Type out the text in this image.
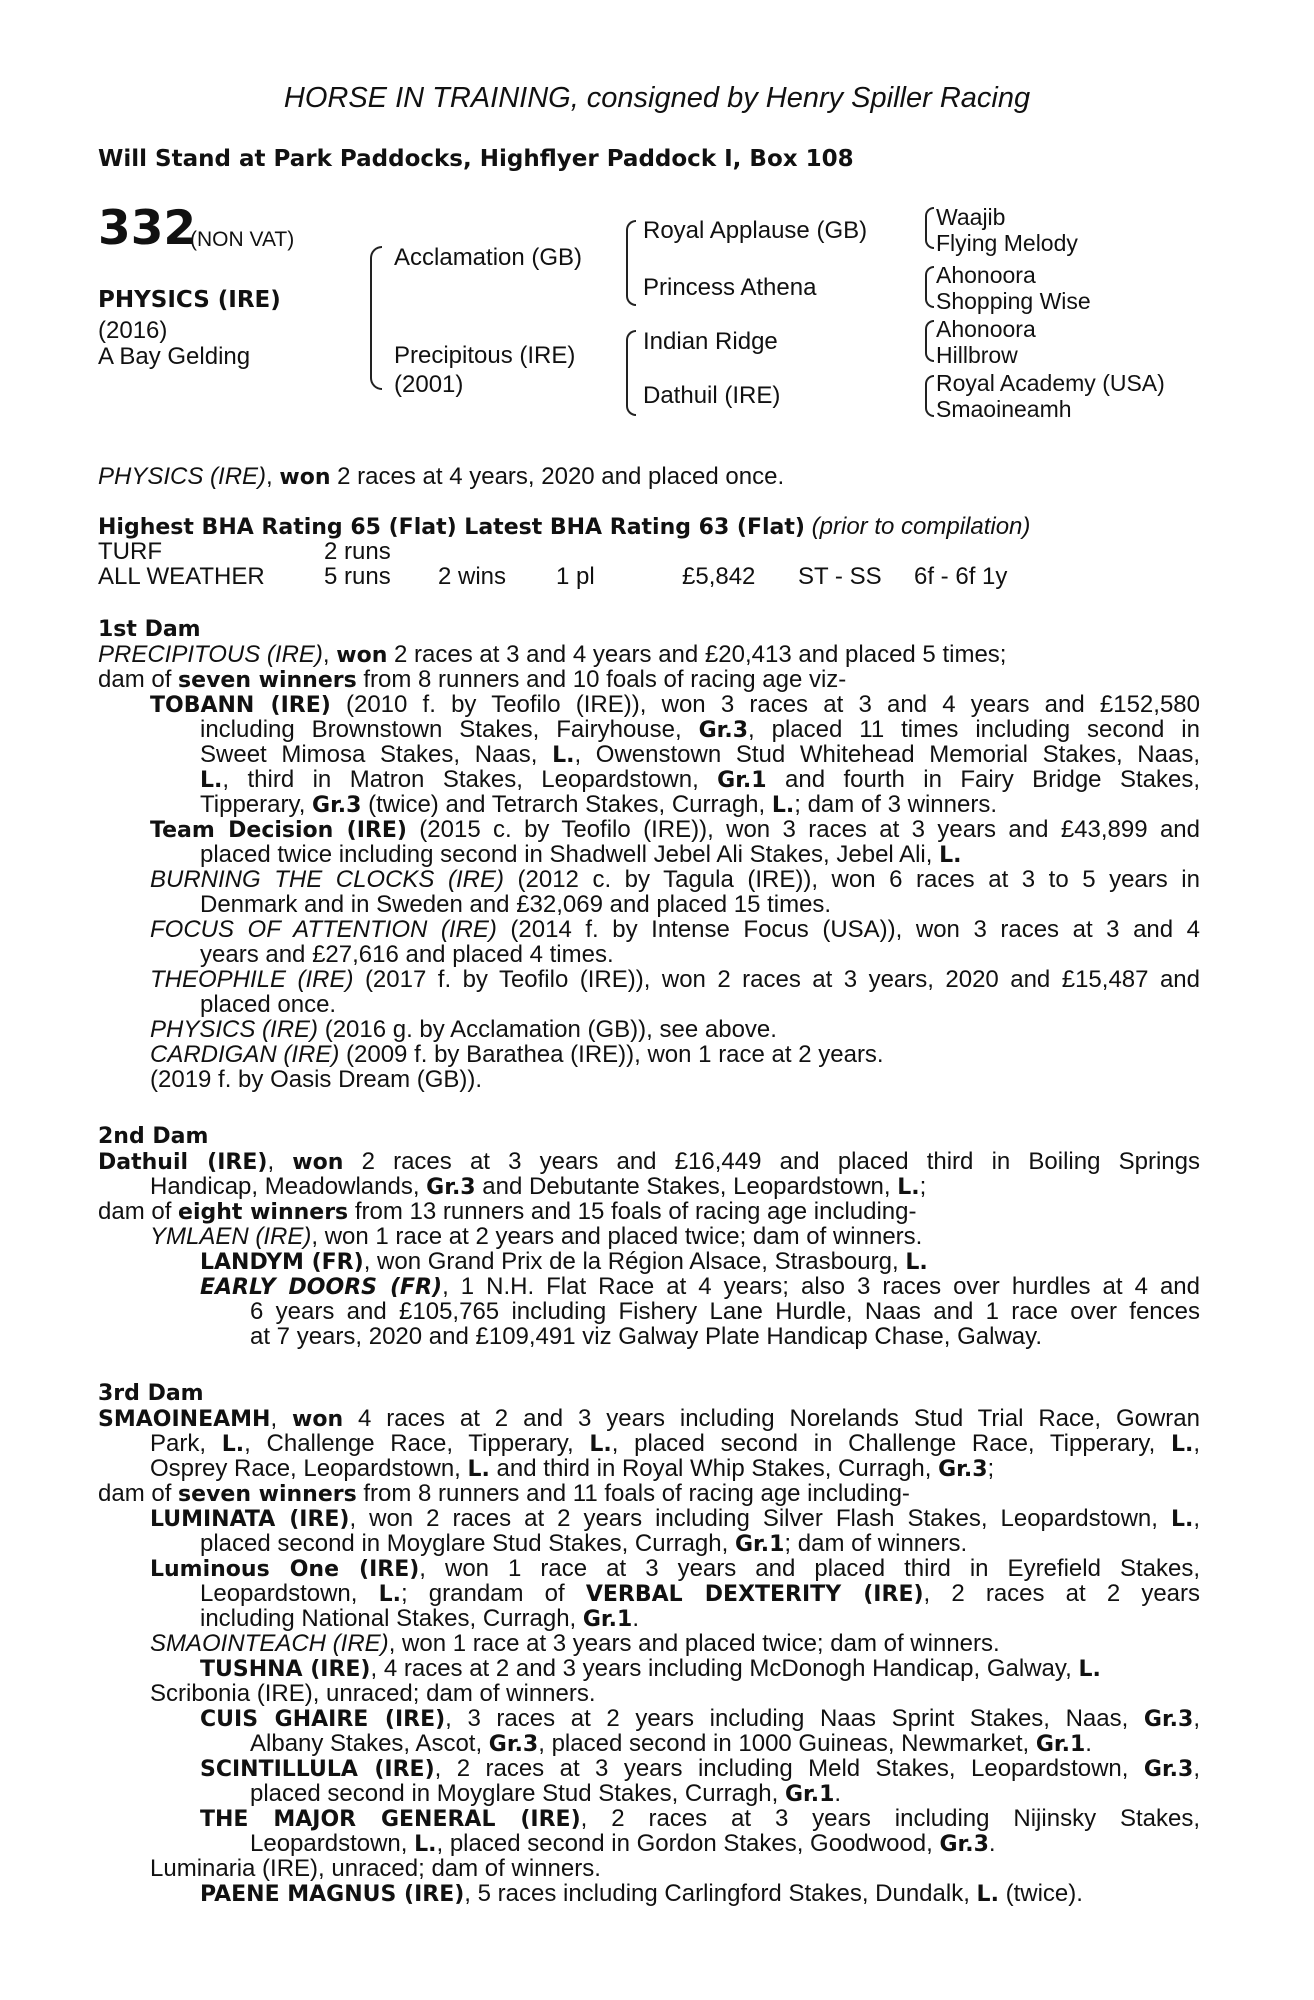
HORSE IN TRAINING, consigned by Henry Spiller Racing
Will Stand at Park Paddocks, Highflyer Paddock I, Box 108
332
(NON VAT)
PHYSICS (IRE)
(2016)
A Bay Gelding
Acclamation (GB)
Precipitous (IRE)
(2001)
Royal Applause (GB)
Princess Athena
Indian Ridge
Dathuil (IRE)
Waajib
Flying Melody
Ahonoora
Shopping Wise
Ahonoora
Hillbrow
Royal Academy (USA)
Smaoineamh
PHYSICS (IRE), won 2 races at 4 years, 2020 and placed once.
Highest BHA Rating 65 (Flat) Latest BHA Rating 63 (Flat) (prior to compilation)
TURF	2 runs
ALL WEATHER 5 runs 2 wins 1 pl	£5,842 ST - SS 6f - 6f 1y
1st Dam
PRECIPITOUS (IRE), won 2 races at 3 and 4 years and £20,413 and placed 5 times;
dam of seven winners from 8 runners and 10 foals of racing age viz-
TOBANN (IRE) (2010 f. by Teofilo (IRE)), won 3 races at 3 and 4 years and £152,580
including Brownstown Stakes, Fairyhouse, Gr.3, placed 11 times including second in
Sweet Mimosa Stakes, Naas, L., Owenstown Stud Whitehead Memorial Stakes, Naas,
L., third in Matron Stakes, Leopardstown, Gr.1 and fourth in Fairy Bridge Stakes,
Tipperary, Gr.3 (twice) and Tetrarch Stakes, Curragh, L.; dam of 3 winners.
Team Decision (IRE) (2015 c. by Teofilo (IRE)), won 3 races at 3 years and £43,899 and
placed twice including second in Shadwell Jebel Ali Stakes, Jebel Ali, L.
BURNING THE CLOCKS (IRE) (2012 c. by Tagula (IRE)), won 6 races at 3 to 5 years in
Denmark and in Sweden and £32,069 and placed 15 times.
FOCUS OF ATTENTION (IRE) (2014 f. by Intense Focus (USA)), won 3 races at 3 and 4
years and £27,616 and placed 4 times.
THEOPHILE (IRE) (2017 f. by Teofilo (IRE)), won 2 races at 3 years, 2020 and £15,487 and
placed once.
PHYSICS (IRE) (2016 g. by Acclamation (GB)), see above.
CARDIGAN (IRE) (2009 f. by Barathea (IRE)), won 1 race at 2 years.
(2019 f. by Oasis Dream (GB)).
2nd Dam
Dathuil (IRE), won 2 races at 3 years and £16,449 and placed third in Boiling Springs
Handicap, Meadowlands, Gr.3 and Debutante Stakes, Leopardstown, L.;
dam of eight winners from 13 runners and 15 foals of racing age including-
YMLAEN (IRE), won 1 race at 2 years and placed twice; dam of winners.
LANDYM (FR), won Grand Prix de la Région Alsace, Strasbourg, L.
EARLY DOORS (FR), 1 N.H. Flat Race at 4 years; also 3 races over hurdles at 4 and
6 years and £105,765 including Fishery Lane Hurdle, Naas and 1 race over fences
at 7 years, 2020 and £109,491 viz Galway Plate Handicap Chase, Galway.
3rd Dam
SMAOINEAMH, won 4 races at 2 and 3 years including Norelands Stud Trial Race, Gowran
Park, L., Challenge Race, Tipperary, L., placed second in Challenge Race, Tipperary, L.,
Osprey Race, Leopardstown, L. and third in Royal Whip Stakes, Curragh, Gr.3;
dam of seven winners from 8 runners and 11 foals of racing age including-
LUMINATA (IRE), won 2 races at 2 years including Silver Flash Stakes, Leopardstown, L.,
placed second in Moyglare Stud Stakes, Curragh, Gr.1; dam of winners.
Luminous One (IRE), won 1 race at 3 years and placed third in Eyrefield Stakes,
Leopardstown, L.; grandam of VERBAL DEXTERITY (IRE), 2 races at 2 years
including National Stakes, Curragh, Gr.1.
SMAOINTEACH (IRE), won 1 race at 3 years and placed twice; dam of winners.
TUSHNA (IRE), 4 races at 2 and 3 years including McDonogh Handicap, Galway, L.
Scribonia (IRE), unraced; dam of winners.
CUIS GHAIRE (IRE), 3 races at 2 years including Naas Sprint Stakes, Naas, Gr.3,
Albany Stakes, Ascot, Gr.3, placed second in 1000 Guineas, Newmarket, Gr.1.
SCINTILLULA (IRE), 2 races at 3 years including Meld Stakes, Leopardstown, Gr.3,
placed second in Moyglare Stud Stakes, Curragh, Gr.1.
THE MAJOR GENERAL (IRE), 2 races at 3 years including Nijinsky Stakes,
Leopardstown, L., placed second in Gordon Stakes, Goodwood, Gr.3.
Luminaria (IRE), unraced; dam of winners.
PAENE MAGNUS (IRE), 5 races including Carlingford Stakes, Dundalk, L. (twice).
